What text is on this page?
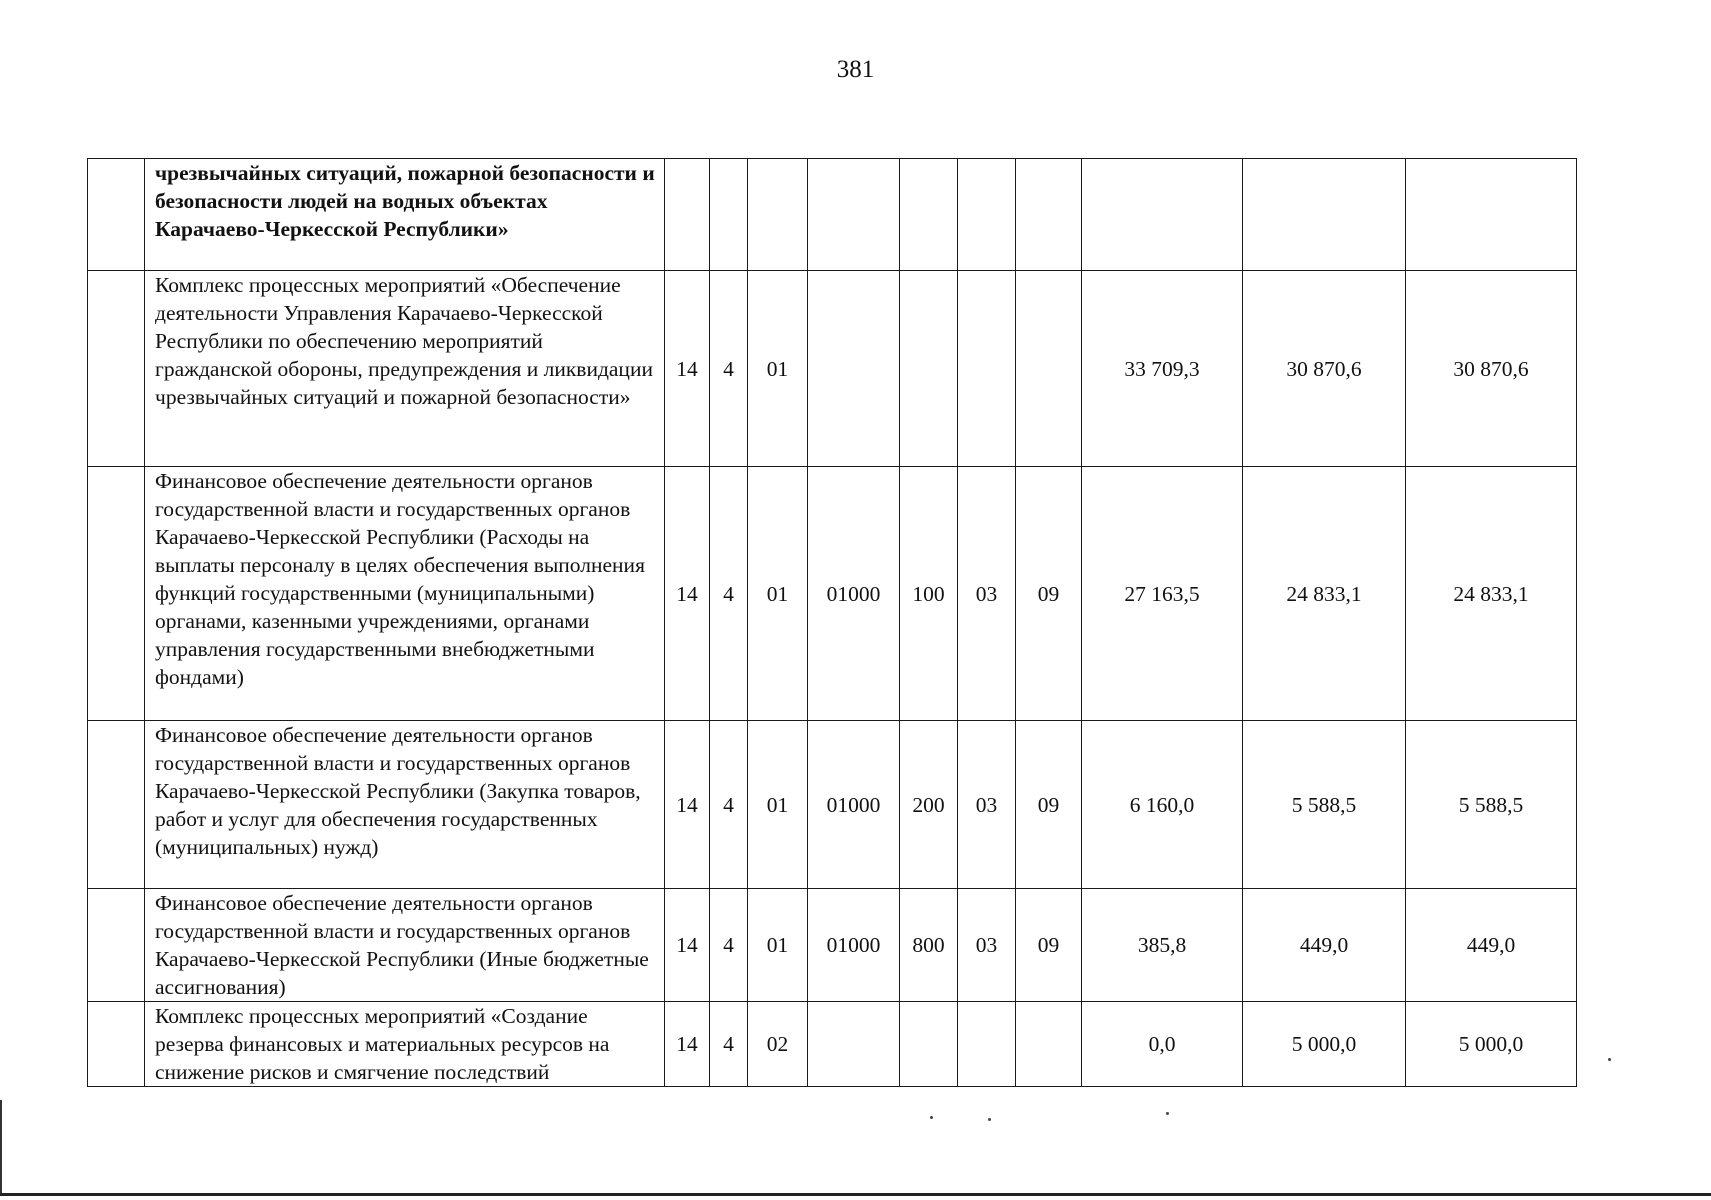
381
	чрезвычайных ситуаций, пожарной безопасности и безопасности людей на водных объектах Карачаево-Черкесской Республики»										
	Комплекс процессных мероприятий «Обеспечение деятельности Управления Карачаево-Черкесской Республики по обеспечению мероприятий гражданской обороны, предупреждения и ликвидации чрезвычайных ситуаций и пожарной безопасности»	14	4	01					33 709,3	30 870,6	30 870,6
	Финансовое обеспечение деятельности органов государственной власти и государственных органов Карачаево-Черкесской Республики (Расходы на выплаты персоналу в целях обеспечения выполнения функций государственными (муниципальными) органами, казенными учреждениями, органами управления государственными внебюджетными фондами)	14	4	01	01000	100	03	09	27 163,5	24 833,1	24 833,1
	Финансовое обеспечение деятельности органов государственной власти и государственных органов Карачаево-Черкесской Республики (Закупка товаров, работ и услуг для обеспечения государственных (муниципальных) нужд)	14	4	01	01000	200	03	09	6 160,0	5 588,5	5 588,5
	Финансовое обеспечение деятельности органов государственной власти и государственных органов Карачаево-Черкесской Республики (Иные бюджетные ассигнования)	14	4	01	01000	800	03	09	385,8	449,0	449,0
	Комплекс процессных мероприятий «Создание резерва финансовых и материальных ресурсов на снижение рисков и смягчение последствий	14	4	02					0,0	5 000,0	5 000,0
